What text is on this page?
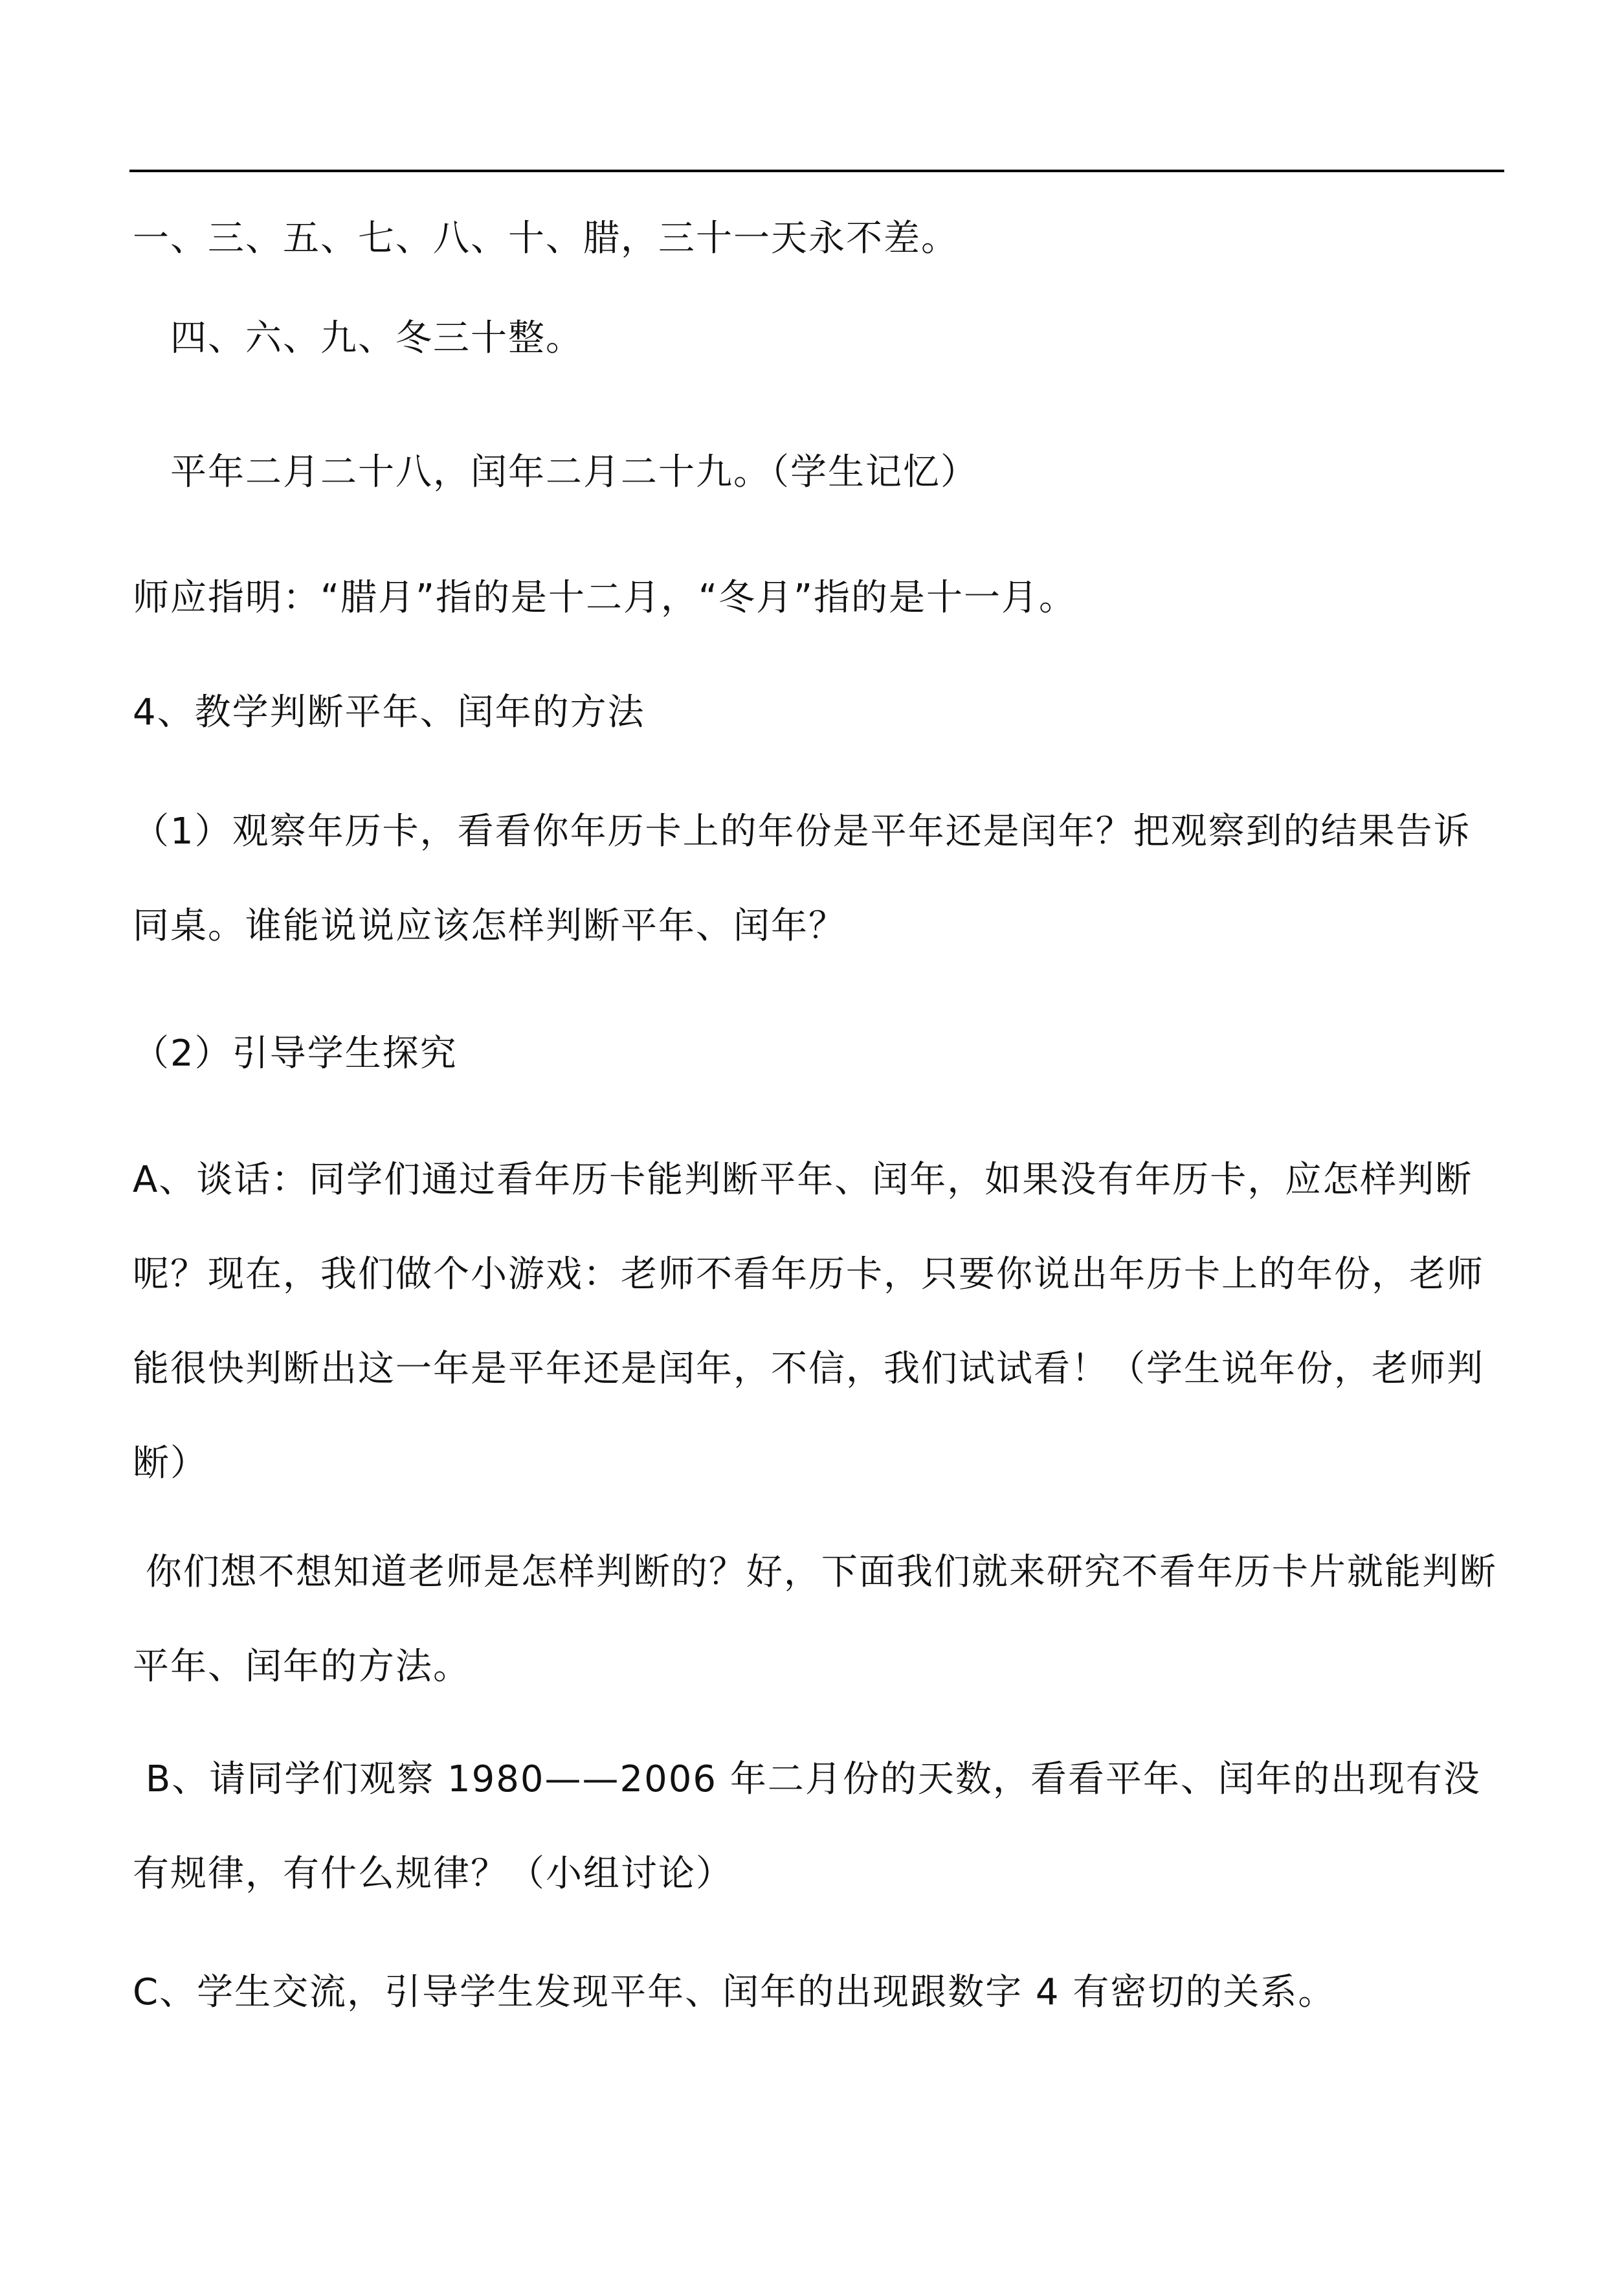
一、三、五、七、八、十、腊，三十一天永不差。

　四、六、九、冬三十整。

　平年二月二十八，闰年二月二十九。（学生记忆）

师应指明：“腊月”指的是十二月，“冬月”指的是十一月。

4、教学判断平年、闰年的方法

（1）观察年历卡，看看你年历卡上的年份是平年还是闰年？把观察到的结果告诉同桌。谁能说说应该怎样判断平年、闰年？

（2）引导学生探究

A、谈话：同学们通过看年历卡能判断平年、闰年，如果没有年历卡，应怎样判断呢？现在，我们做个小游戏：老师不看年历卡，只要你说出年历卡上的年份，老师能很快判断出这一年是平年还是闰年，不信，我们试试看！（学生说年份，老师判断）

你们想不想知道老师是怎样判断的？好，下面我们就来研究不看年历卡片就能判断平年、闰年的方法。

B、请同学们观察 1980——2006 年二月份的天数，看看平年、闰年的出现有没有规律，有什么规律？（小组讨论）

C、学生交流，引导学生发现平年、闰年的出现跟数字 4 有密切的关系。
